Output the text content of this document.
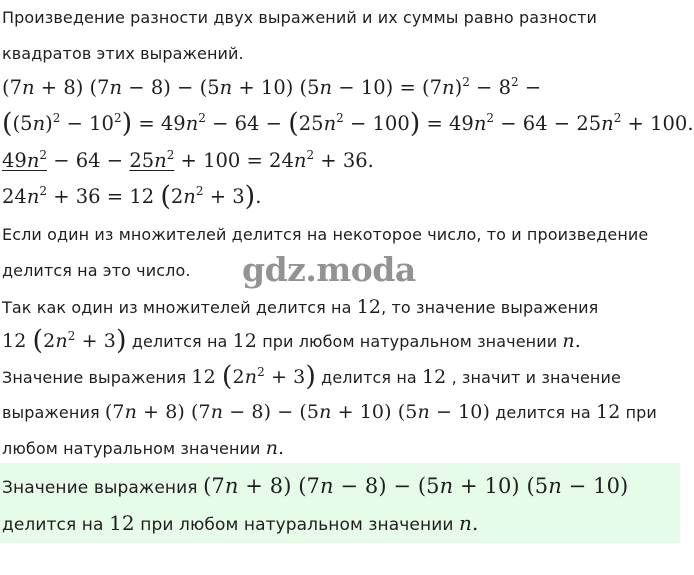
Произведение разности двух выражений и их суммы равно разности
квадратов этих выражений.
(7n + 8) (7n − 8) − (5n + 10) $(5n - 10) = (7n)^2 - 8^2$ −
$((5n)^2 - 10^2) = 49n^2 - 64 - (25n^2 - 100) = 49n^2 - 64 - 25n^2 + 100$.
$49n^2 - 64 - 25n^2 + 100 = 24n^2 + 36$.
$24n^2 + 36 = 12$ $(2n^2 + 3)$.
Если один из множителей делится на некоторое число, то и произведение
делится на это число. gdz.moda
Так как один из множителей делится на 12, то значение выражения
12 $(2n^2 + 3)$ делится на 12 при любом натуральном значении n.
Значение выражения 12 $(2n^2 + 3)$ делится на 12 , значит и значение
выражения (7n + 8) (7n − 8) − (5n + 10) (5n − 10) делится на 12 при
любом натуральном значении n.
Значение выражения (7n + 8) (7n − 8) − (5n + 10) (5n − 10)
делится на 12 при любом натуральном значении n.
